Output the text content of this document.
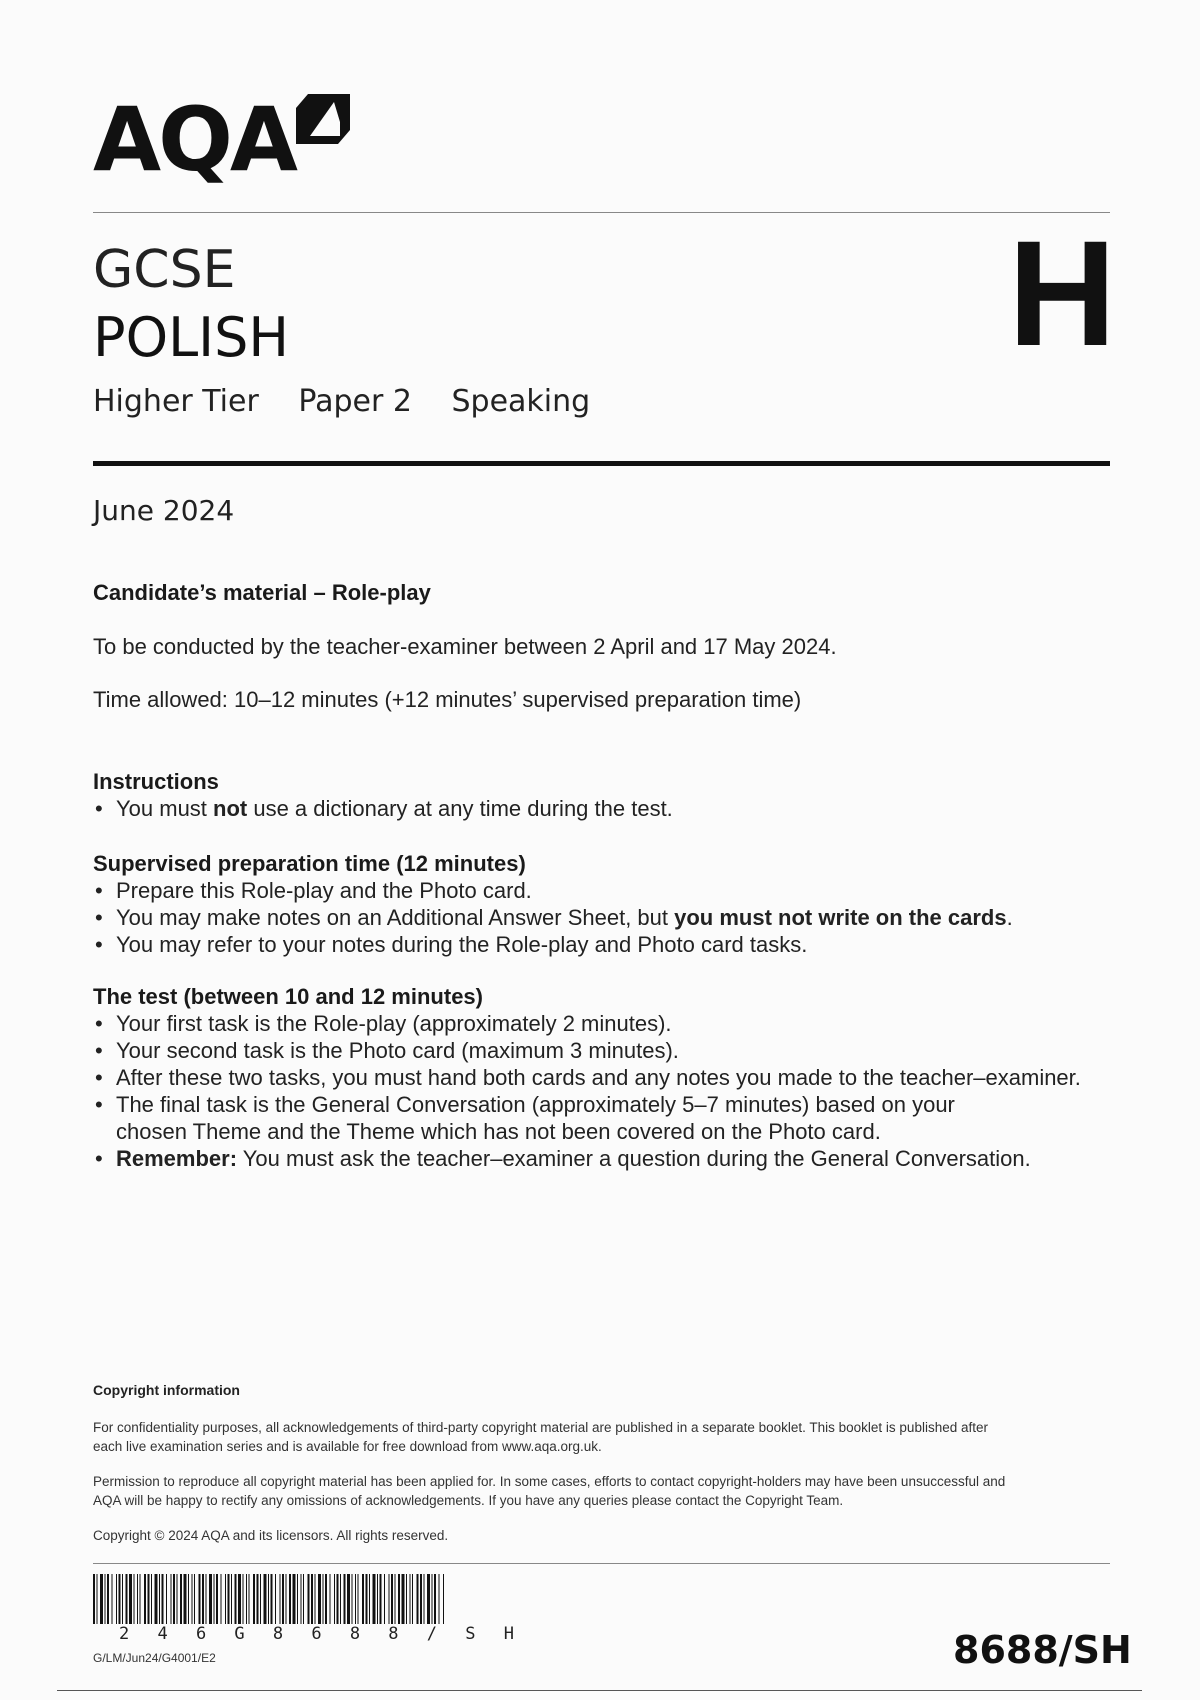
AQA
GCSE
POLISH	H
Higher Tier Paper 2 Speaking
June 2024
Candidate’s material – Role-play
To be conducted by the teacher-examiner between 2 April and 17 May 2024.
Time allowed: 10–12 minutes (+12 minutes’ supervised preparation time)
Instructions
• You must not use a dictionary at any time during the test.
Supervised preparation time (12 minutes)
• Prepare this Role-play and the Photo card.
• You may make notes on an Additional Answer Sheet, but you must not write on the cards.
• You may refer to your notes during the Role-play and Photo card tasks.
The test (between 10 and 12 minutes)
• Your first task is the Role-play (approximately 2 minutes).
• Your second task is the Photo card (maximum 3 minutes).
• After these two tasks, you must hand both cards and any notes you made to the teacher–examiner.
• The final task is the General Conversation (approximately 5–7 minutes) based on your
chosen Theme and the Theme which has not been covered on the Photo card.
• Remember: You must ask the teacher–examiner a question during the General Conversation.
Copyright information
For confidentiality purposes, all acknowledgements of third-party copyright material are published in a separate booklet. This booklet is published after
each live examination series and is available for free download from www.aqa.org.uk.
Permission to reproduce all copyright material has been applied for. In some cases, efforts to contact copyright-holders may have been unsuccessful and
AQA will be happy to rectify any omissions of acknowledgements. If you have any queries please contact the Copyright Team.
Copyright © 2024 AQA and its licensors. All rights reserved.
2 4 6 G 8 6 8 8 / S H
G/LM/Jun24/G4001/E2	8688/SH
